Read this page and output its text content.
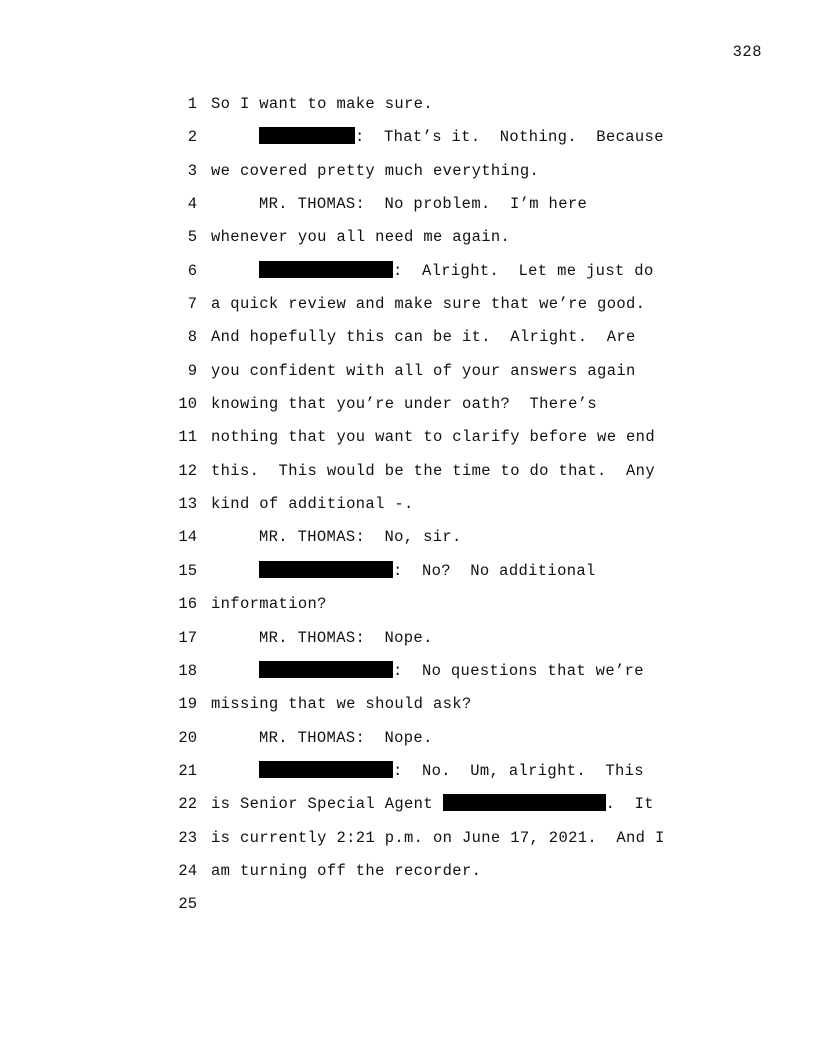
328
1 So I want to make sure.
2	:  That’s it.  Nothing.  Because
3 we covered pretty much everything.
4	MR. THOMAS:  No problem.  I’m here
5 whenever you all need me again.
6	:  Alright.  Let me just do
7 a quick review and make sure that we’re good.
8 And hopefully this can be it.  Alright.  Are
9 you confident with all of your answers again
10 knowing that you’re under oath?  There’s
11 nothing that you want to clarify before we end
12 this.  This would be the time to do that.  Any
13 kind of additional -.
14	MR. THOMAS:  No, sir.
15	:  No?  No additional
16 information?
17	MR. THOMAS:  Nope.
18	:  No questions that we’re
19 missing that we should ask?
20	MR. THOMAS:  Nope.
21	:  No.  Um, alright.  This
22 is Senior Special Agent	.  It
23 is currently 2:21 p.m. on June 17, 2021.  And I
24 am turning off the recorder.
25
